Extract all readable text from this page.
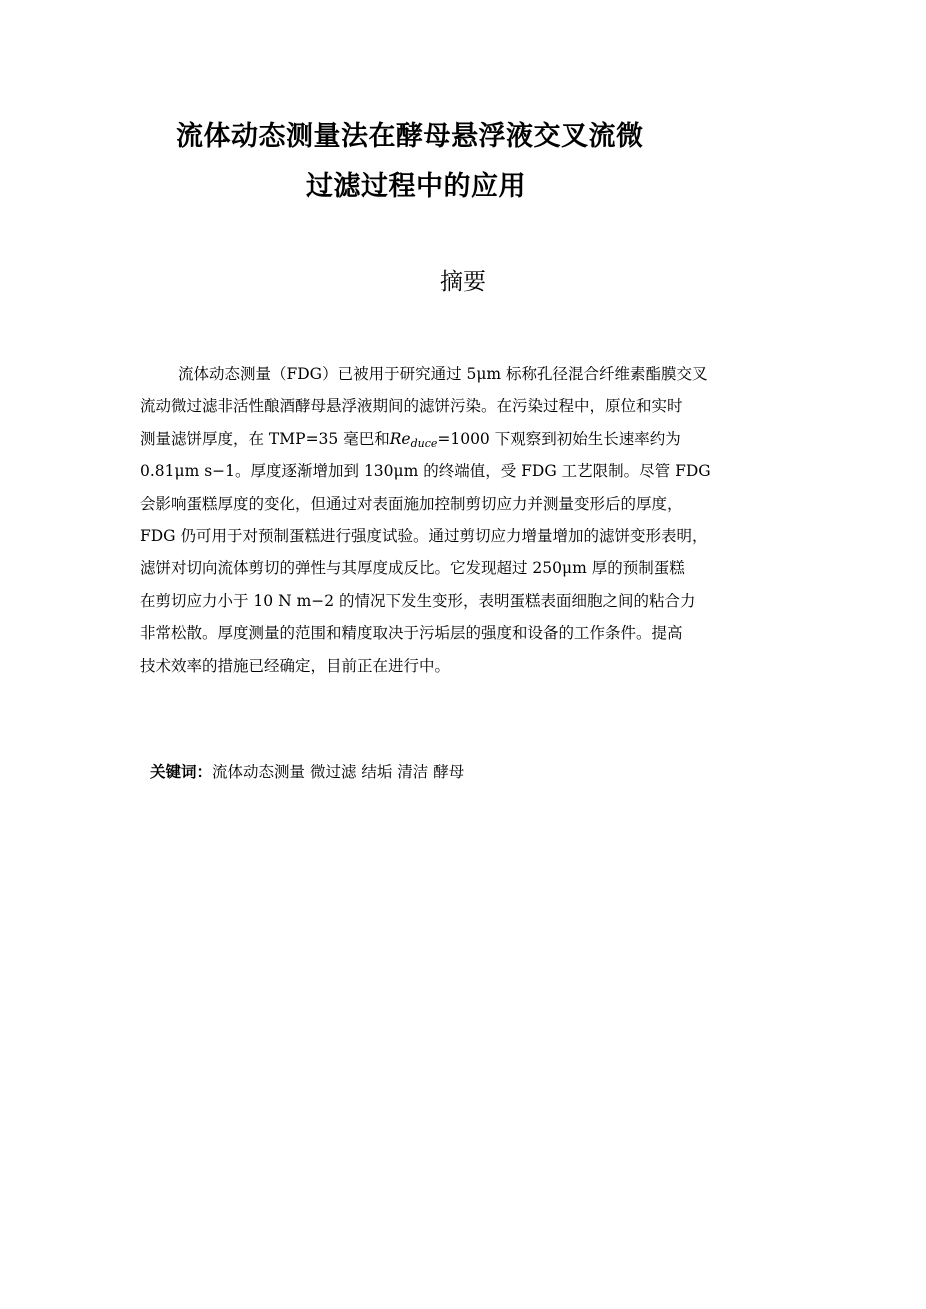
流体动态测量法在酵母悬浮液交叉流微
过滤过程中的应用
摘要
流体动态测量（FDG）已被用于研究通过 5μm 标称孔径混合纤维素酯膜交叉
流动微过滤非活性酿酒酵母悬浮液期间的滤饼污染。在污染过程中，原位和实时
测量滤饼厚度，在 TMP=35 毫巴和$Re_{duce}=1000$ 下观察到初始生长速率约为
0.81μm s−1。厚度逐渐增加到 130μm 的终端值，受 FDG 工艺限制。尽管 FDG
会影响蛋糕厚度的变化，但通过对表面施加控制剪切应力并测量变形后的厚度，
FDG 仍可用于对预制蛋糕进行强度试验。通过剪切应力增量增加的滤饼变形表明，
滤饼对切向流体剪切的弹性与其厚度成反比。它发现超过 250μm 厚的预制蛋糕
在剪切应力小于 10 N m−2 的情况下发生变形，表明蛋糕表面细胞之间的粘合力
非常松散。厚度测量的范围和精度取决于污垢层的强度和设备的工作条件。提高
技术效率的措施已经确定，目前正在进行中。
关键词：流体动态测量 微过滤 结垢 清洁 酵母
